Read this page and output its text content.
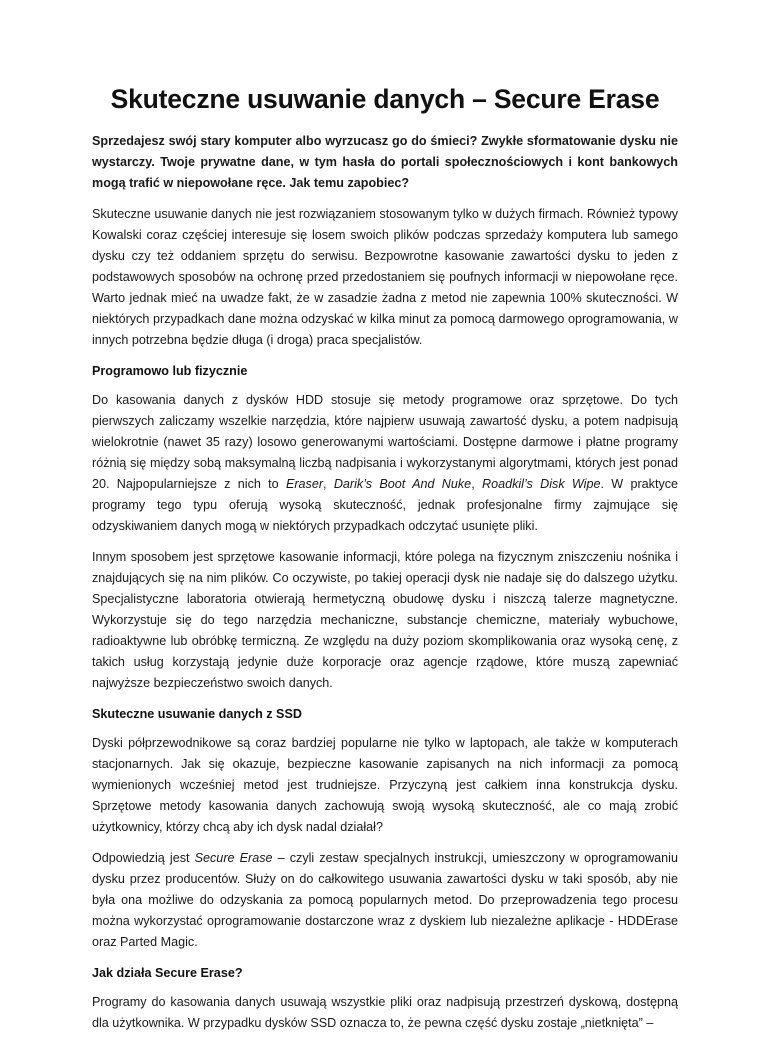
Skuteczne usuwanie danych – Secure Erase

Sprzedajesz swój stary komputer albo wyrzucasz go do śmieci? Zwykłe sformatowanie dysku nie wystarczy. Twoje prywatne dane, w tym hasła do portali społecznościowych i kont bankowych mogą trafić w niepowołane ręce. Jak temu zapobiec?

Skuteczne usuwanie danych nie jest rozwiązaniem stosowanym tylko w dużych firmach. Również typowy Kowalski coraz częściej interesuje się losem swoich plików podczas sprzedaży komputera lub samego dysku czy też oddaniem sprzętu do serwisu. Bezpowrotne kasowanie zawartości dysku to jeden z podstawowych sposobów na ochronę przed przedostaniem się poufnych informacji w niepowołane ręce. Warto jednak mieć na uwadze fakt, że w zasadzie żadna z metod nie zapewnia 100% skuteczności. W niektórych przypadkach dane można odzyskać w kilka minut za pomocą darmowego oprogramowania, w innych potrzebna będzie długa (i droga) praca specjalistów.

Programowo lub fizycznie

Do kasowania danych z dysków HDD stosuje się metody programowe oraz sprzętowe. Do tych pierwszych zaliczamy wszelkie narzędzia, które najpierw usuwają zawartość dysku, a potem nadpisują wielokrotnie (nawet 35 razy) losowo generowanymi wartościami. Dostępne darmowe i płatne programy różnią się między sobą maksymalną liczbą nadpisania i wykorzystanymi algorytmami, których jest ponad 20. Najpopularniejsze z nich to Eraser, Darik’s Boot And Nuke, Roadkil’s Disk Wipe. W praktyce programy tego typu oferują wysoką skuteczność, jednak profesjonalne firmy zajmujące się odzyskiwaniem danych mogą w niektórych przypadkach odczytać usunięte pliki.

Innym sposobem jest sprzętowe kasowanie informacji, które polega na fizycznym zniszczeniu nośnika i znajdujących się na nim plików. Co oczywiste, po takiej operacji dysk nie nadaje się do dalszego użytku. Specjalistyczne laboratoria otwierają hermetyczną obudowę dysku i niszczą talerze magnetyczne. Wykorzystuje się do tego narzędzia mechaniczne, substancje chemiczne, materiały wybuchowe, radioaktywne lub obróbkę termiczną. Ze względu na duży poziom skomplikowania oraz wysoką cenę, z takich usług korzystają jedynie duże korporacje oraz agencje rządowe, które muszą zapewniać najwyższe bezpieczeństwo swoich danych.

Skuteczne usuwanie danych z SSD

Dyski półprzewodnikowe są coraz bardziej popularne nie tylko w laptopach, ale także w komputerach stacjonarnych. Jak się okazuje, bezpieczne kasowanie zapisanych na nich informacji za pomocą wymienionych wcześniej metod jest trudniejsze. Przyczyną jest całkiem inna konstrukcja dysku. Sprzętowe metody kasowania danych zachowują swoją wysoką skuteczność, ale co mają zrobić użytkownicy, którzy chcą aby ich dysk nadal działał?

Odpowiedzią jest Secure Erase – czyli zestaw specjalnych instrukcji, umieszczony w oprogramowaniu dysku przez producentów. Służy on do całkowitego usuwania zawartości dysku w taki sposób, aby nie była ona możliwe do odzyskania za pomocą popularnych metod. Do przeprowadzenia tego procesu można wykorzystać oprogramowanie dostarczone wraz z dyskiem lub niezależne aplikacje - HDDErase oraz Parted Magic.

Jak działa Secure Erase?

Programy do kasowania danych usuwają wszystkie pliki oraz nadpisują przestrzeń dyskową, dostępną dla użytkownika. W przypadku dysków SSD oznacza to, że pewna część dysku zostaje „nietknięta” –
